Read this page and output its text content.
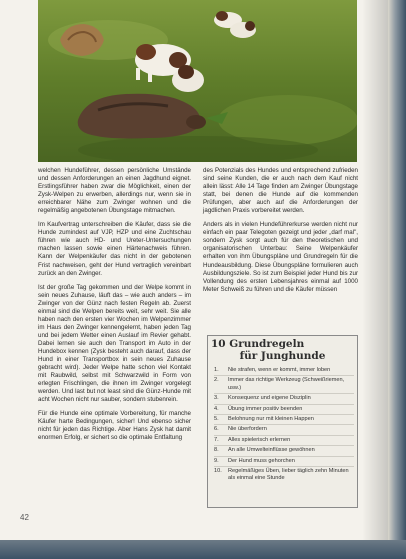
welchen Hundeführer, dessen persönliche Umstände und dessen Anforderungen an einen Jagdhund eignet. Erstlingsführer haben zwar die Möglichkeit, einen der Zysk-Welpen zu erwerben, allerdings nur, wenn sie in erreichbarer Nähe zum Zwinger wohnen und die regelmäßig angebotenen Übungstage mitmachen.

Im Kaufvertrag unterschreiben die Käufer, dass sie die Hunde zumindest auf VJP, HZP und eine Zuchtschau führen wie auch HD- und Ureter-Untersuchungen machen lassen sowie einen Härtenachweis führen. Kann der Welpenkäufer das nicht in der gebotenen Frist nachweisen, geht der Hund vertraglich vereinbart zurück an den Zwinger.

Ist der große Tag gekommen und der Welpe kommt in sein neues Zuhause, läuft das – wie auch anders – im Zwinger von der Günz nach festen Regeln ab. Zuerst einmal sind die Welpen bereits weit, sehr weit. Sie alle haben nach den ersten vier Wochen im Welpenzimmer im Haus den Zwinger kennengelernt, haben jeden Tag und bei jedem Wetter einen Auslauf im Revier gehabt. Dabei lernen sie auch den Transport im Auto in der Hundebox kennen (Zysk besteht auch darauf, dass der Hund in einer Transportbox in sein neues Zuhause gebracht wird). Jeder Welpe hatte schon viel Kontakt mit Raubwild, selbst mit Schwarzwild in Form von erlegten Frischlingen, die ihnen im Zwinger vorgelegt werden. Und last but not least sind die Günz-Hunde mit acht Wochen nicht nur sauber, sondern stubenrein.

Für die Hunde eine optimale Vorbereitung, für manche Käufer harte Bedingungen, sicher! Und ebenso sicher nicht für jeden das Richtige. Aber Hans Zysk hat damit enormen Erfolg, er sichert so die optimale Entfaltung

des Potenzials des Hundes und entsprechend zufrieden sind seine Kunden, die er auch nach dem Kauf nicht allein lässt: Alle 14 Tage finden am Zwinger Übungstage statt, bei denen die Hunde auf die kommenden Prüfungen, aber auch auf die Anforderungen der jagdlichen Praxis vorbereitet werden.

Anders als in vielen Hundeführerkurse werden nicht nur einfach ein paar Telegoten gezeigt und jeder „darf mal", sondern Zysk sorgt auch für den theoretischen und organisatorischen Unterbau: Seine Welpenkäufer erhalten von ihm Übungspläne und Grundregeln für die Hundeausbildung. Diese Übungspläne formulieren auch Ausbildungsziele. So ist zum Beispiel jeder Hund bis zur Vollendung des ersten Lebensjahres einmal auf 1000 Meter Schweiß zu führen und die Käufer müssen

10 Grundregeln
für Junghunde
1. Nie strafen, wenn er kommt, immer loben
2. Immer das richtige Werkzeug (Schweißriemen, usw.)
3. Konsequenz und eigene Disziplin
4. Übung immer positiv beenden
5. Belohnung nur mit kleinen Happen
6. Nie überfordern
7. Alles spielerisch erlernen
8. An alle Umwelteinflüsse gewöhnen
9. Der Hund muss gehorchen
10. Regelmäßiges Üben, lieber täglich zehn Minuten als einmal eine Stunde
42
